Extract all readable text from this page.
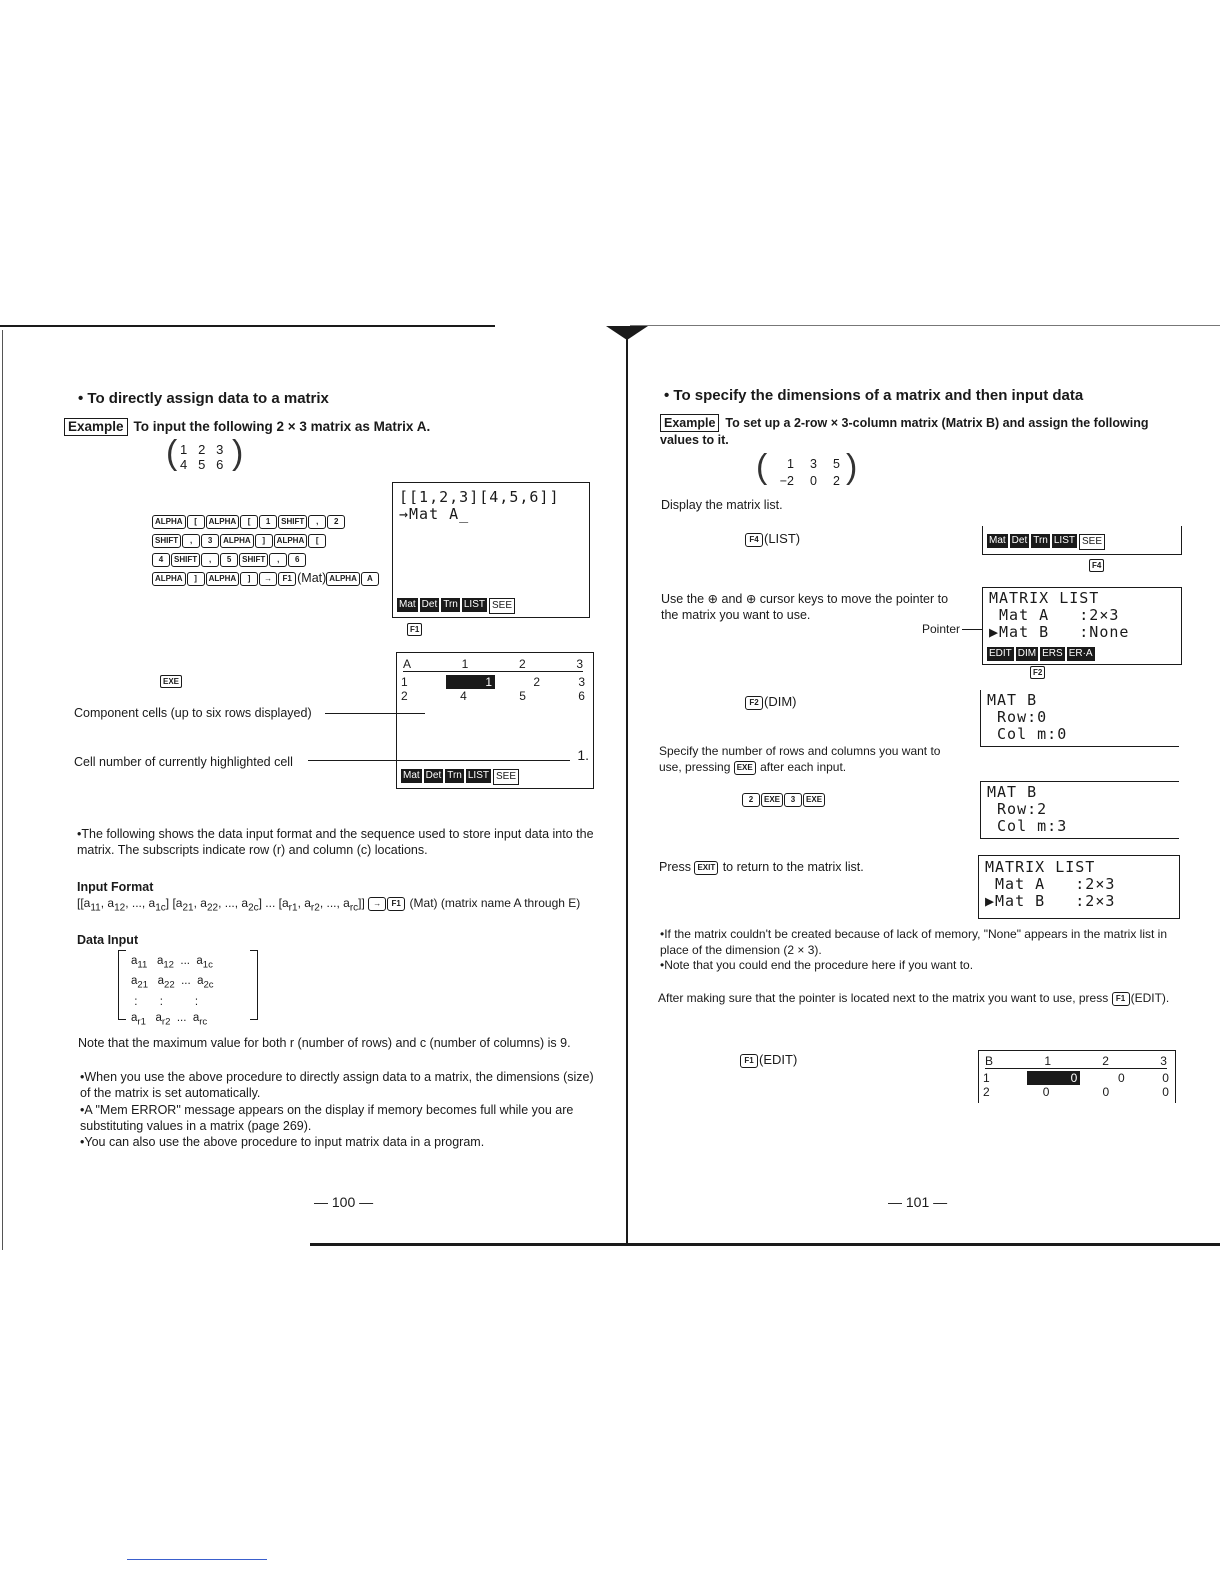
• To directly assign data to a matrix
Example To input the following 2 × 3 matrix as Matrix A.
( 1 2 3
4 5 6 )
ALPHA [ ALPHA [ 1 SHIFT , 2
SHIFT , 3 ALPHA ] ALPHA [
4 SHIFT , 5 SHIFT , 6
ALPHA ] ALPHA ] → F1 (Mat) ALPHA A
[[1,2,3][4,5,6]]
→Mat A_
Mat Det Trn LIST SEE
F1
EXE
A	1	2	3
1	1	2	3
2	4	5	6
1.
Mat Det Trn LIST SEE
Component cells (up to six rows displayed)
Cell number of currently highlighted cell
•The following shows the data input format and the sequence used to store input data into the matrix. The subscripts indicate row (r) and column (c) locations.
Input Format
[[$a_{11}$, $a_{12}$, ..., $a_{1c}$] [$a_{21}$, $a_{22}$, ..., $a_{2c}$] ... [$a_{r1}$, $a_{r2}$, ..., $a_{rc}]] \to F1$ (Mat) (matrix name A through E)
Data Input
$a_{11}$   $a_{12}$  ...  $a_{1c}$
$a_{21}$   $a_{22}$  ...  $a_{2c}$
:       :          :
$a_{r1}$   $a_{r2}$  ...  $a_{rc}$
Note that the maximum value for both r (number of rows) and c (number of columns) is 9.
•When you use the above procedure to directly assign data to a matrix, the dimensions (size) of the matrix is set automatically.
•A "Mem ERROR" message appears on the display if memory becomes full while you are substituting values in a matrix (page 269).
•You can also use the above procedure to input matrix data in a program.
— 100 —
• To specify the dimensions of a matrix and then input data
Example To set up a 2-row × 3-column matrix (Matrix B) and assign the following values to it.
(	1 3 5
−2 0 2 )
Display the matrix list.
F4 (LIST)	Mat Det Trn LIST SEE
F4
Use the ⊕ and ⊕ cursor keys to move the pointer to the matrix you want to use.
Pointer
MATRIX LIST
Mat A   :2×3
▶Mat B   :None
EDIT DIM ERS ER·A
F2
F2 (DIM)	MAT B
Row:0
Col m:0
Specify the number of rows and columns you want to use, pressing EXE after each input.
2 EXE 3 EXE	MAT B
Row:2
Col m:3
Press EXIT to return to the matrix list.	MATRIX LIST
Mat A   :2×3
▶Mat B   :2×3
•If the matrix couldn't be created because of lack of memory, "None" appears in the matrix list in place of the dimension (2 × 3).
•Note that you could end the procedure here if you want to.
After making sure that the pointer is located next to the matrix you want to use, press F1 (EDIT).
F1 (EDIT)	B	1	2	3
1	0	0	0
2	0	0	0
— 101 —
